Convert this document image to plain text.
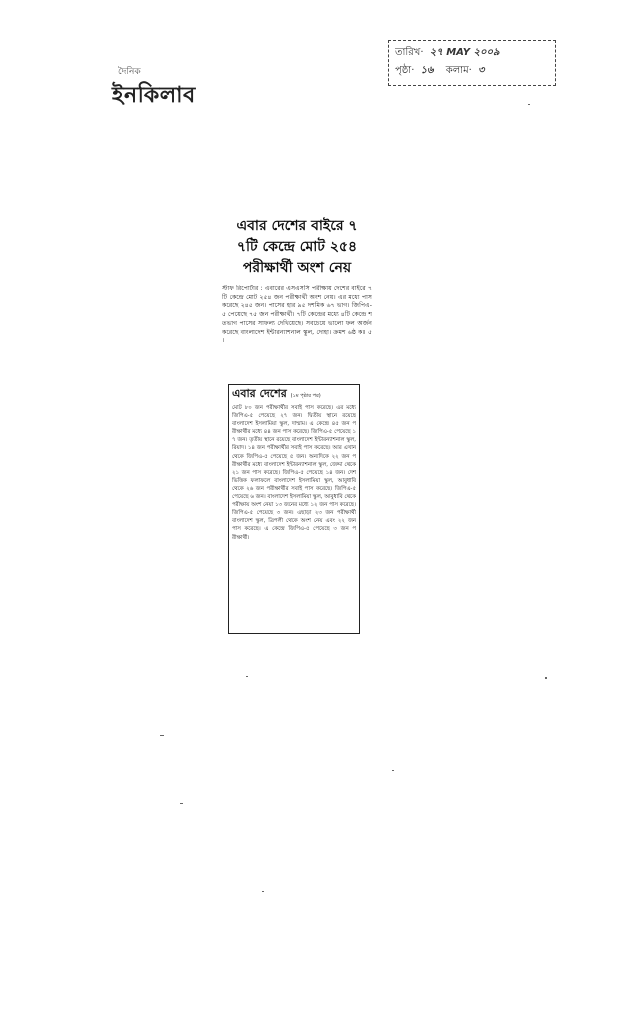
দৈনিক
ইনকিলাব
তারিখ· ২৭ MAY ২০০৯
পৃষ্ঠা· ১৬ কলাম· ৩
এবার দেশের বাইরে ৭
৭টি কেন্দ্রে মোট ২৫৪
পরীক্ষার্থী অংশ নেয়
স্টাফ রিপোর্টার : এবারের এসএসসি পরীক্ষায় দেশের বাইরে ৭টি কেন্দ্রে মোট ২৫৪ জন পরীক্ষার্থী অংশ নেয়। এর মধ্যে পাস করেছে ২৪৫ জন। পাসের হার ৯৫ দশমিক ৬৭ ভাগ। জিপিএ-৫ পেয়েছে ৭৫ জন পরীক্ষার্থী। ৭টি কেন্দ্রের মধ্যে ৪টি কেন্দ্রে শতভাগ পাসের সাফল্য দেখিয়েছে। সবচেয়ে ভালো ফল অর্জন করেছে বাংলাদেশ ইন্টারন্যাশনাল স্কুল, দোহা। ক্রমশ ৬ষ্ঠ কঃ ৫।
এবার দেশের (১ম পৃষ্ঠার পর)
মোট ৮০ জন পরীক্ষার্থীর সবাই পাস করেছে। এর মধ্যে জিপিএ-৫ পেয়েছে ২৭ জন। দ্বিতীয় স্থানে রয়েছে বাংলাদেশ ইসলামিয়া স্কুল, দাম্মাম। এ কেন্দ্রে ৪৫ জন পরীক্ষার্থীর মধ্যে ৪৪ জন পাস করেছে। জিপিএ-৫ পেয়েছে ১৭ জন। তৃতীয় স্থানে রয়েছে বাংলাদেশ ইন্টারন্যাশনাল স্কুল, রিয়াদ। ১৪ জন পরীক্ষার্থীর সবাই পাস করেছে। আর এখান থেকে জিপিএ-৫ পেয়েছে ৫ জন। অন্যদিকে ২২ জন পরীক্ষার্থীর মধ্যে বাংলাদেশ ইন্টারন্যাশনাল স্কুল, জেদ্দা থেকে ২১ জন পাস করেছে। জিপিএ-৫ পেয়েছে ১৪ জন। দেশ ভিত্তিক ফলাফলে বাংলাদেশ ইসলামিয়া স্কুল, আবুধাবি থেকে ২৬ জন পরীক্ষার্থীর সবাই পাস করেছে। জিপিএ-৫ পেয়েছে ৬ জন। বাংলাদেশ ইসলামিয়া স্কুল, আবুধাবি থেকে পরীক্ষায় অংশ নেয়া ১৩ জনের মধ্যে ১২ জন পাস করেছে। জিপিএ-৫ পেয়েছে ৩ জন। এছাড়া ২৩ জন পরীক্ষার্থী বাংলাদেশ স্কুল, ত্রিপলী থেকে অংশ নেয় এবং ২২ জন পাস করেছে। এ কেন্দ্রে জিপিএ-৫ পেয়েছে ৩ জন পরীক্ষার্থী।
